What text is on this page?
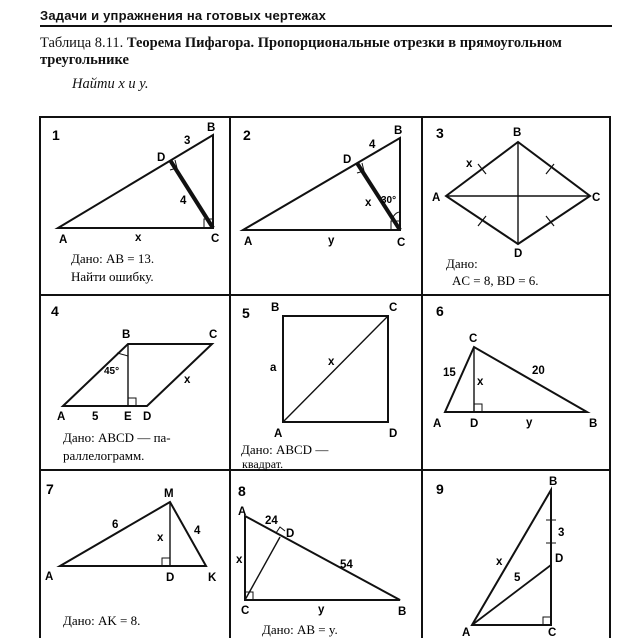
Задачи и упражнения на готовых чертежах
Таблица 8.11. Теорема Пифагора. Пропорциональные отрезки в прямоугольном треугольнике
Найти x и y.
1
A
B
C
D
3
4
x
Дано: AB = 13.
Найти ошибку.
2
A
B
C
D
4
x
y
30°
3
A
B
C
D
x
Дано:
AC = 8, BD = 6.
4
B	C
A	D
E
45°
x
5
Дано: ABCD — па-
раллелограмм.
5 B	C
A	D
a	x
Дано: ABCD —
квадрат.
6
C
A D	B
15	20
x
y
7	M
A	D	K
6	4
x
Дано: AK = 8.
8
A
D
C	B
24
54
x
y
Дано: AB = y.
9	B
D
A	C
3
5
x
